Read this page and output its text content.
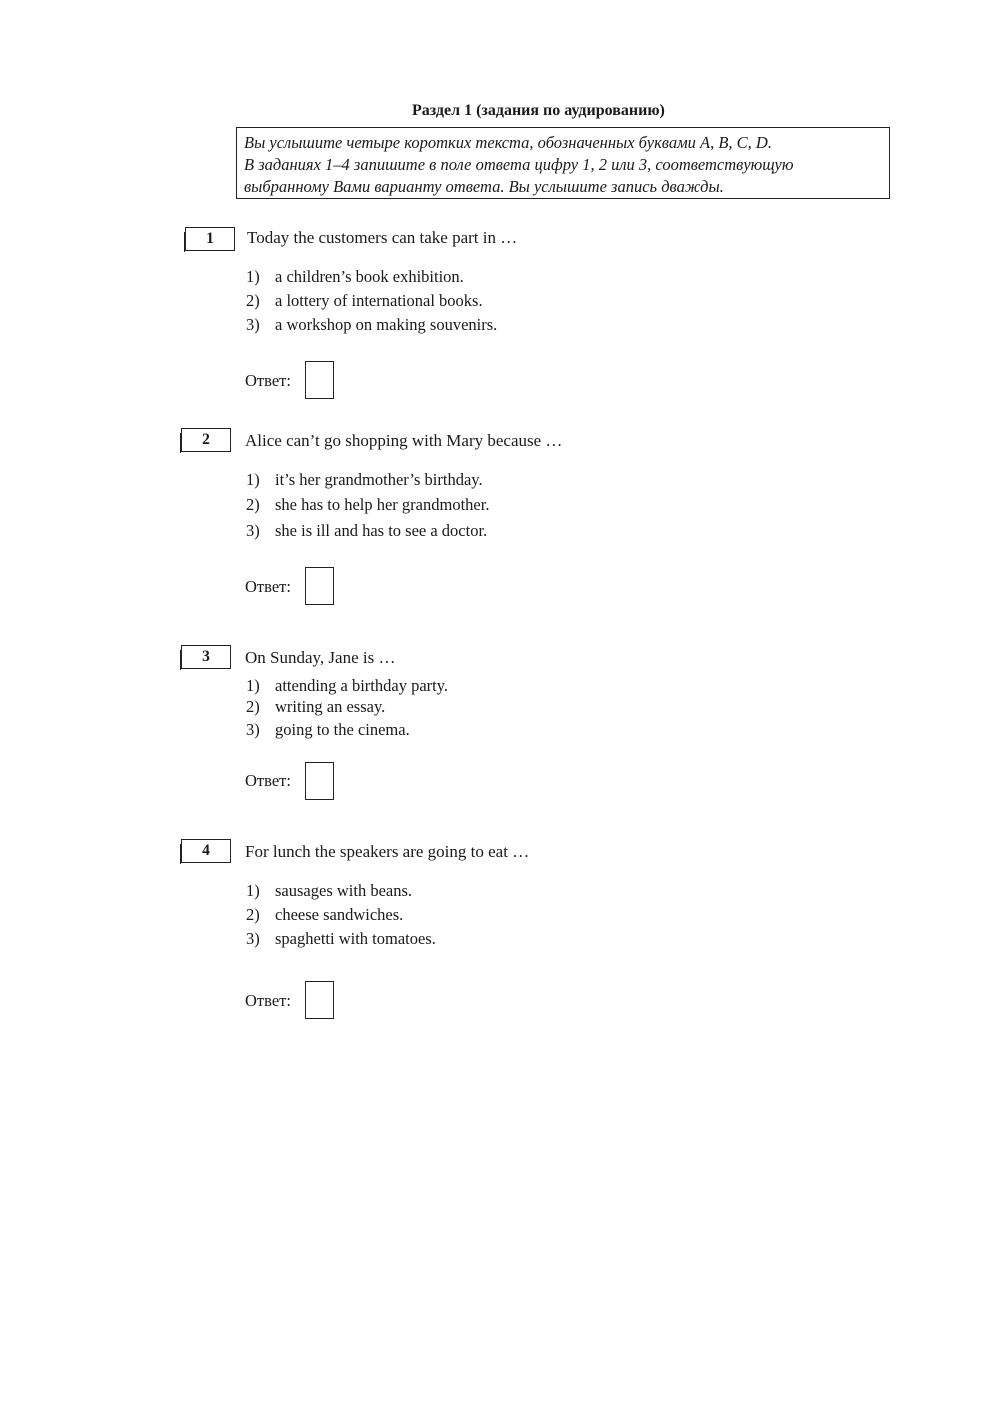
Раздел 1 (задания по аудированию)
Вы услышите четыре коротких текста, обозначенных буквами A, B, C, D.
В заданиях 1–4 запишите в поле ответа цифру 1, 2 или 3, соответствующую
выбранному Вами варианту ответа. Вы услышите запись дважды.
1	Today the customers can take part in …
1) a children’s book exhibition.
2) a lottery of international books.
3) a workshop on making souvenirs.
Ответ:
2	Alice can’t go shopping with Mary because …
1) it’s her grandmother’s birthday.
2) she has to help her grandmother.
3) she is ill and has to see a doctor.
Ответ:
3	On Sunday, Jane is …
1) attending a birthday party.
2) writing an essay.
3) going to the cinema.
Ответ:
4	For lunch the speakers are going to eat …
1) sausages with beans.
2) cheese sandwiches.
3) spaghetti with tomatoes.
Ответ:
